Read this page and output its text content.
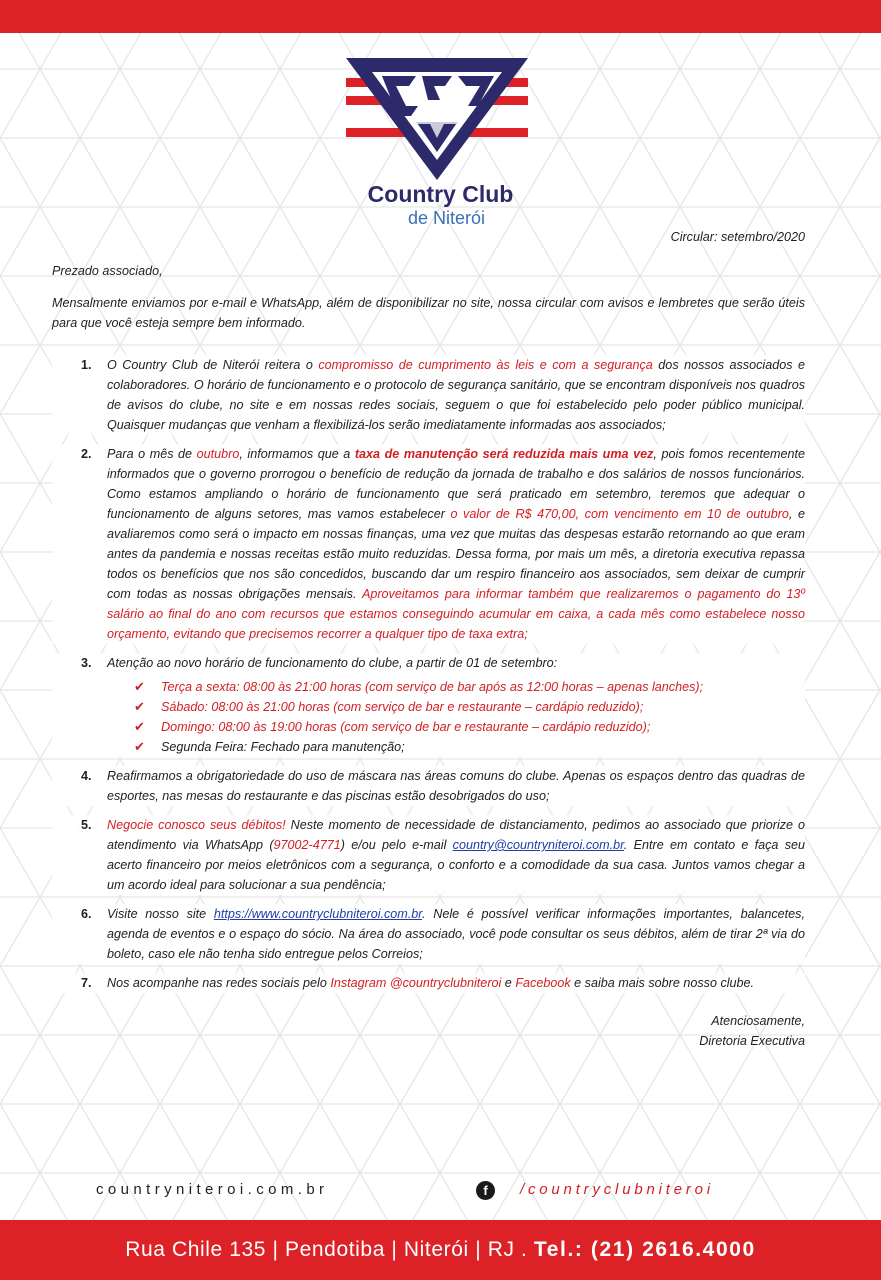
Country Club
de Niterói
Circular: setembro/2020
Prezado associado,
Mensalmente enviamos por e-mail e WhatsApp, além de disponibilizar no site, nossa circular com avisos e lembretes que serão úteis para que você esteja sempre bem informado.
1. O Country Club de Niterói reitera o compromisso de cumprimento às leis e com a segurança dos nossos associados e colaboradores. O horário de funcionamento e o protocolo de segurança sanitário, que se encontram disponíveis nos quadros de avisos do clube, no site e em nossas redes sociais, seguem o que foi estabelecido pelo poder público municipal. Quaisquer mudanças que venham a flexibilizá-los serão imediatamente informadas aos associados;
2. Para o mês de outubro, informamos que a taxa de manutenção será reduzida mais uma vez, pois fomos recentemente informados que o governo prorrogou o benefício de redução da jornada de trabalho e dos salários de nossos funcionários. Como estamos ampliando o horário de funcionamento que será praticado em setembro, teremos que adequar o funcionamento de alguns setores, mas vamos estabelecer o valor de R$ 470,00, com vencimento em 10 de outubro, e avaliaremos como será o impacto em nossas finanças, uma vez que muitas das despesas estarão retornando ao que eram antes da pandemia e nossas receitas estão muito reduzidas. Dessa forma, por mais um mês, a diretoria executiva repassa todos os benefícios que nos são concedidos, buscando dar um respiro financeiro aos associados, sem deixar de cumprir com todas as nossas obrigações mensais. Aproveitamos para informar também que realizaremos o pagamento do 13º salário ao final do ano com recursos que estamos conseguindo acumular em caixa, a cada mês como estabelece nosso orçamento, evitando que precisemos recorrer a qualquer tipo de taxa extra;
3. Atenção ao novo horário de funcionamento do clube, a partir de 01 de setembro:
✔ Terça a sexta: 08:00 às 21:00 horas (com serviço de bar após as 12:00 horas – apenas lanches);
✔ Sábado: 08:00 às 21:00 horas (com serviço de bar e restaurante – cardápio reduzido);
✔ Domingo: 08:00 às 19:00 horas (com serviço de bar e restaurante – cardápio reduzido);
✔ Segunda Feira: Fechado para manutenção;
4. Reafirmamos a obrigatoriedade do uso de máscara nas áreas comuns do clube. Apenas os espaços dentro das quadras de esportes, nas mesas do restaurante e das piscinas estão desobrigados do uso;
5. Negocie conosco seus débitos! Neste momento de necessidade de distanciamento, pedimos ao associado que priorize o atendimento via WhatsApp (97002-4771) e/ou pelo e-mail country@countryniteroi.com.br. Entre em contato e faça seu acerto financeiro por meios eletrônicos com a segurança, o conforto e a comodidade da sua casa. Juntos vamos chegar a um acordo ideal para solucionar a sua pendência;
6. Visite nosso site https://www.countryclubniteroi.com.br. Nele é possível verificar informações importantes, balancetes, agenda de eventos e o espaço do sócio. Na área do associado, você pode consultar os seus débitos, além de tirar 2ª via do boleto, caso ele não tenha sido entregue pelos Correios;
7. Nos acompanhe nas redes sociais pelo Instagram @countryclubniteroi e Facebook e saiba mais sobre nosso clube.
Atenciosamente,
Diretoria Executiva
countryniteroi.com.br	f	/countryclubniteroi
Rua Chile 135 | Pendotiba | Niterói | RJ . Tel.: (21) 2616.4000
